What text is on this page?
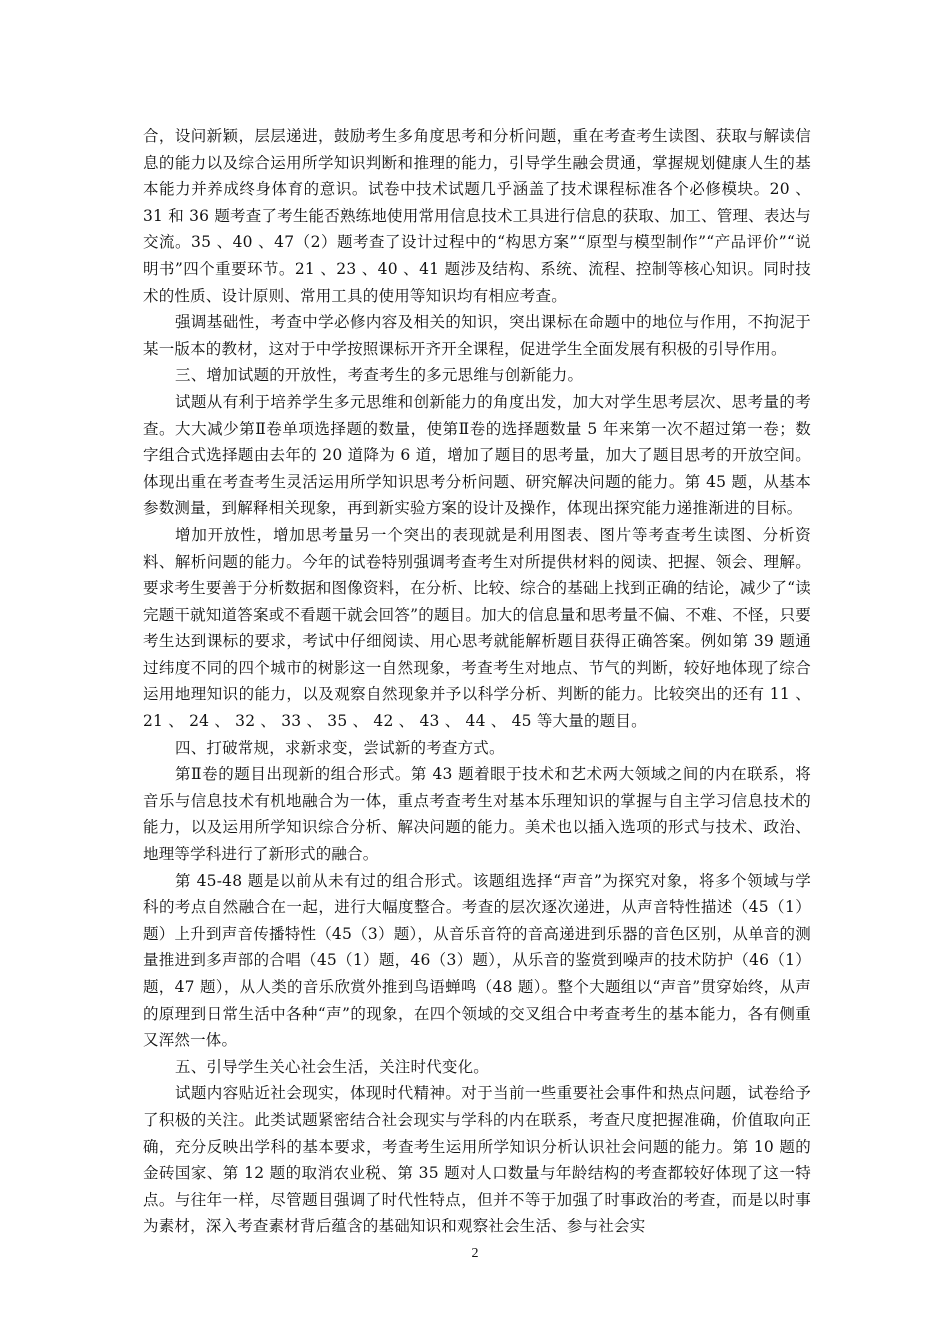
合，设问新颖，层层递进，鼓励考生多角度思考和分析问题，重在考查考生读图、获取与解读信息的能力以及综合运用所学知识判断和推理的能力，引导学生融会贯通，掌握规划健康人生的基本能力并养成终身体育的意识。试卷中技术试题几乎涵盖了技术课程标准各个必修模块。20 、31 和 36 题考查了考生能否熟练地使用常用信息技术工具进行信息的获取、加工、管理、表达与交流。35 、40 、47（2）题考查了设计过程中的“构思方案”“原型与模型制作”“产品评价”“说明书”四个重要环节。21 、23 、40 、41 题涉及结构、系统、流程、控制等核心知识。同时技术的性质、设计原则、常用工具的使用等知识均有相应考查。

强调基础性，考查中学必修内容及相关的知识，突出课标在命题中的地位与作用，不拘泥于某一版本的教材，这对于中学按照课标开齐开全课程，促进学生全面发展有积极的引导作用。

三、增加试题的开放性，考查考生的多元思维与创新能力。

试题从有利于培养学生多元思维和创新能力的角度出发，加大对学生思考层次、思考量的考查。大大减少第Ⅱ卷单项选择题的数量，使第Ⅱ卷的选择题数量 5 年来第一次不超过第一卷；数字组合式选择题由去年的 20 道降为 6 道，增加了题目的思考量，加大了题目思考的开放空间。体现出重在考查考生灵活运用所学知识思考分析问题、研究解决问题的能力。第 45 题，从基本参数测量，到解释相关现象，再到新实验方案的设计及操作，体现出探究能力递推渐进的目标。

增加开放性，增加思考量另一个突出的表现就是利用图表、图片等考查考生读图、分析资料、解析问题的能力。今年的试卷特别强调考查考生对所提供材料的阅读、把握、领会、理解。要求考生要善于分析数据和图像资料，在分析、比较、综合的基础上找到正确的结论，减少了“读完题干就知道答案或不看题干就会回答”的题目。加大的信息量和思考量不偏、不难、不怪，只要考生达到课标的要求，考试中仔细阅读、用心思考就能解析题目获得正确答案。例如第 39 题通过纬度不同的四个城市的树影这一自然现象，考查考生对地点、节气的判断，较好地体现了综合运用地理知识的能力，以及观察自然现象并予以科学分析、判断的能力。比较突出的还有 11 、 21 、 24 、 32 、 33 、 35 、 42 、 43 、 44 、 45 等大量的题目。

四、打破常规，求新求变，尝试新的考查方式。

第Ⅱ卷的题目出现新的组合形式。第 43 题着眼于技术和艺术两大领域之间的内在联系，将音乐与信息技术有机地融合为一体，重点考查考生对基本乐理知识的掌握与自主学习信息技术的能力，以及运用所学知识综合分析、解决问题的能力。美术也以插入选项的形式与技术、政治、地理等学科进行了新形式的融合。

第 45-48 题是以前从未有过的组合形式。该题组选择“声音”为探究对象，将多个领域与学科的考点自然融合在一起，进行大幅度整合。考查的层次逐次递进，从声音特性描述（45（1）题）上升到声音传播特性（45（3）题），从音乐音符的音高递进到乐器的音色区别，从单音的测量推进到多声部的合唱（45（1）题，46（3）题），从乐音的鉴赏到噪声的技术防护（46（1）题，47 题），从人类的音乐欣赏外推到鸟语蝉鸣（48 题）。整个大题组以“声音”贯穿始终，从声的原理到日常生活中各种“声”的现象，在四个领域的交叉组合中考查考生的基本能力，各有侧重又浑然一体。

五、引导学生关心社会生活，关注时代变化。

试题内容贴近社会现实，体现时代精神。对于当前一些重要社会事件和热点问题，试卷给予了积极的关注。此类试题紧密结合社会现实与学科的内在联系，考查尺度把握准确，价值取向正确，充分反映出学科的基本要求，考查考生运用所学知识分析认识社会问题的能力。第 10 题的金砖国家、第 12 题的取消农业税、第 35 题对人口数量与年龄结构的考查都较好体现了这一特点。与往年一样，尽管题目强调了时代性特点，但并不等于加强了时事政治的考查，而是以时事为素材，深入考查素材背后蕴含的基础知识和观察社会生活、参与社会实

2
